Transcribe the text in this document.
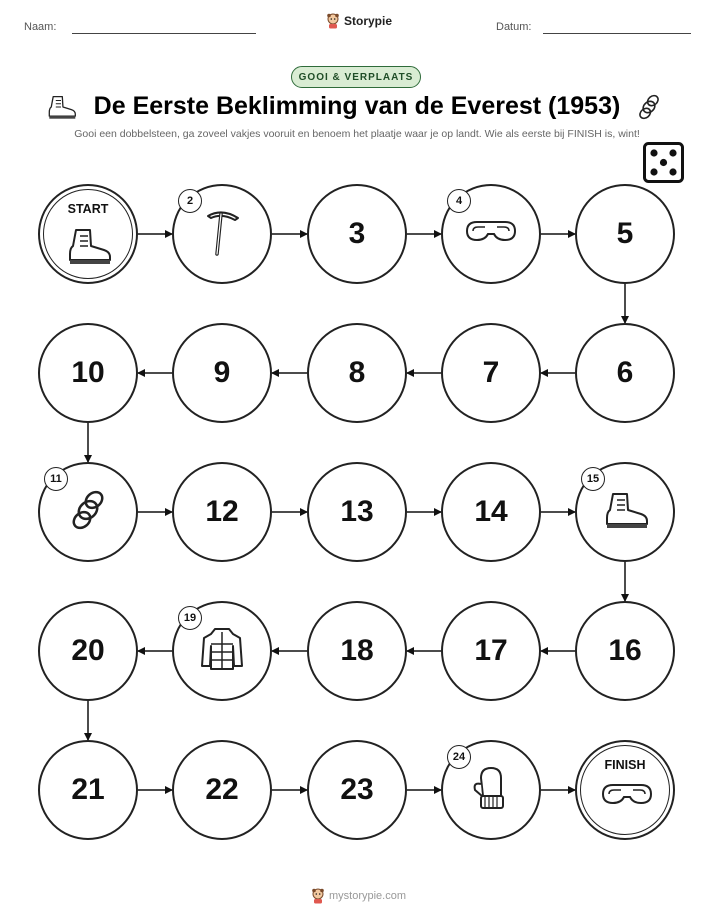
Naam:	Storypie	Datum:
GOOI & VERPLAATS
De Eerste Beklimming van de Everest (1953)
Gooi een dobbelsteen, ga zoveel vakjes vooruit en benoem het plaatje waar je op landt. Wie als eerste bij FINISH is, wint!
START
2
3
4
5
6
7
8
9
10
11
12	13	14
15
16
17
18
19
20
21	22	23
24
FINISH
mystorypie.com
